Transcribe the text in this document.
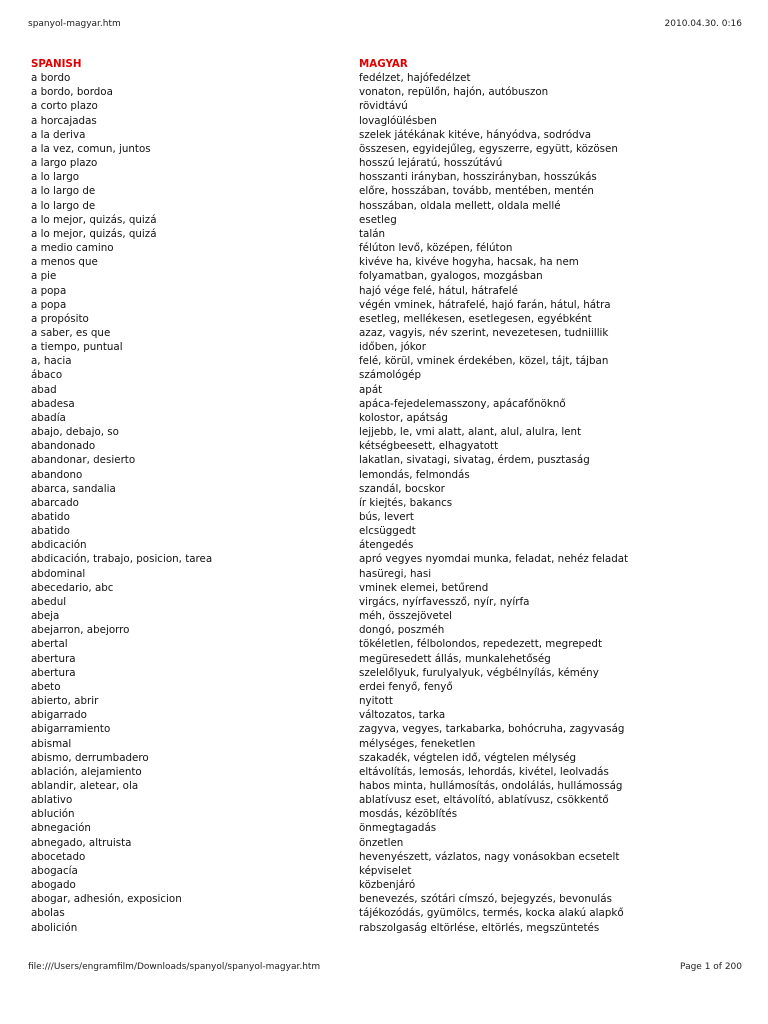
spanyol-magyar.htm	2010.04.30. 0:16
SPANISH	MAGYAR
a bordo	fedélzet, hajófedélzet
a bordo, bordoa	vonaton, repülőn, hajón, autóbuszon
a corto plazo	rövidtávú
a horcajadas	lovaglóülésben
a la deriva	szelek játékának kitéve, hányódva, sodródva
a la vez, comun, juntos	összesen, egyidejűleg, egyszerre, együtt, közösen
a largo plazo	hosszú lejáratú, hosszútávú
a lo largo	hosszanti irányban, hosszirányban, hosszúkás
a lo largo de	előre, hosszában, tovább, mentében, mentén
a lo largo de	hosszában, oldala mellett, oldala mellé
a lo mejor, quizás, quizá	esetleg
a lo mejor, quizás, quizá	talán
a medio camino	félúton levő, középen, félúton
a menos que	kivéve ha, kivéve hogyha, hacsak, ha nem
a pie	folyamatban, gyalogos, mozgásban
a popa	hajó vége felé, hátul, hátrafelé
a popa	végén vminek, hátrafelé, hajó farán, hátul, hátra
a propósito	esetleg, mellékesen, esetlegesen, egyébként
a saber, es que	azaz, vagyis, név szerint, nevezetesen, tudniillik
a tiempo, puntual	időben, jókor
a, hacia	felé, körül, vminek érdekében, közel, tájt, tájban
ábaco	számológép
abad	apát
abadesa	apáca-fejedelemasszony, apácafőnöknő
abadía	kolostor, apátság
abajo, debajo, so	lejjebb, le, vmi alatt, alant, alul, alulra, lent
abandonado	kétségbeesett, elhagyatott
abandonar, desierto	lakatlan, sivatagi, sivatag, érdem, pusztaság
abandono	lemondás, felmondás
abarca, sandalia	szandál, bocskor
abarcado	ír kiejtés, bakancs
abatido	bús, levert
abatido	elcsüggedt
abdicación	átengedés
abdicación, trabajo, posicion, tarea	apró vegyes nyomdai munka, feladat, nehéz feladat
abdominal	hasüregi, hasi
abecedario, abc	vminek elemei, betűrend
abedul	virgács, nyírfavessző, nyír, nyírfa
abeja	méh, összejövetel
abejarron, abejorro	dongó, poszméh
abertal	tökéletlen, félbolondos, repedezett, megrepedt
abertura	megüresedett állás, munkalehetőség
abertura	szelelőlyuk, furulyalyuk, végbélnyílás, kémény
abeto	erdei fenyő, fenyő
abierto, abrir	nyitott
abigarrado	változatos, tarka
abigarramiento	zagyva, vegyes, tarkabarka, bohócruha, zagyvaság
abismal	mélységes, feneketlen
abismo, derrumbadero	szakadék, végtelen idő, végtelen mélység
ablación, alejamiento	eltávolítás, lemosás, lehordás, kivétel, leolvadás
ablandir, aletear, ola	habos minta, hullámosítás, ondolálás, hullámosság
ablativo	ablatívusz eset, eltávolító, ablatívusz, csökkentő
ablución	mosdás, kézöblítés
abnegación	önmegtagadás
abnegado, altruista	önzetlen
abocetado	hevenyészett, vázlatos, nagy vonásokban ecsetelt
abogacía	képviselet
abogado	közbenjáró
abogar, adhesión, exposicion	benevezés, szótári címszó, bejegyzés, bevonulás
abolas	tájékozódás, gyümölcs, termés, kocka alakú alapkő
abolición	rabszolgaság eltörlése, eltörlés, megszüntetés
file:///Users/engramfilm/Downloads/spanyol/spanyol-magyar.htm	Page 1 of 200
